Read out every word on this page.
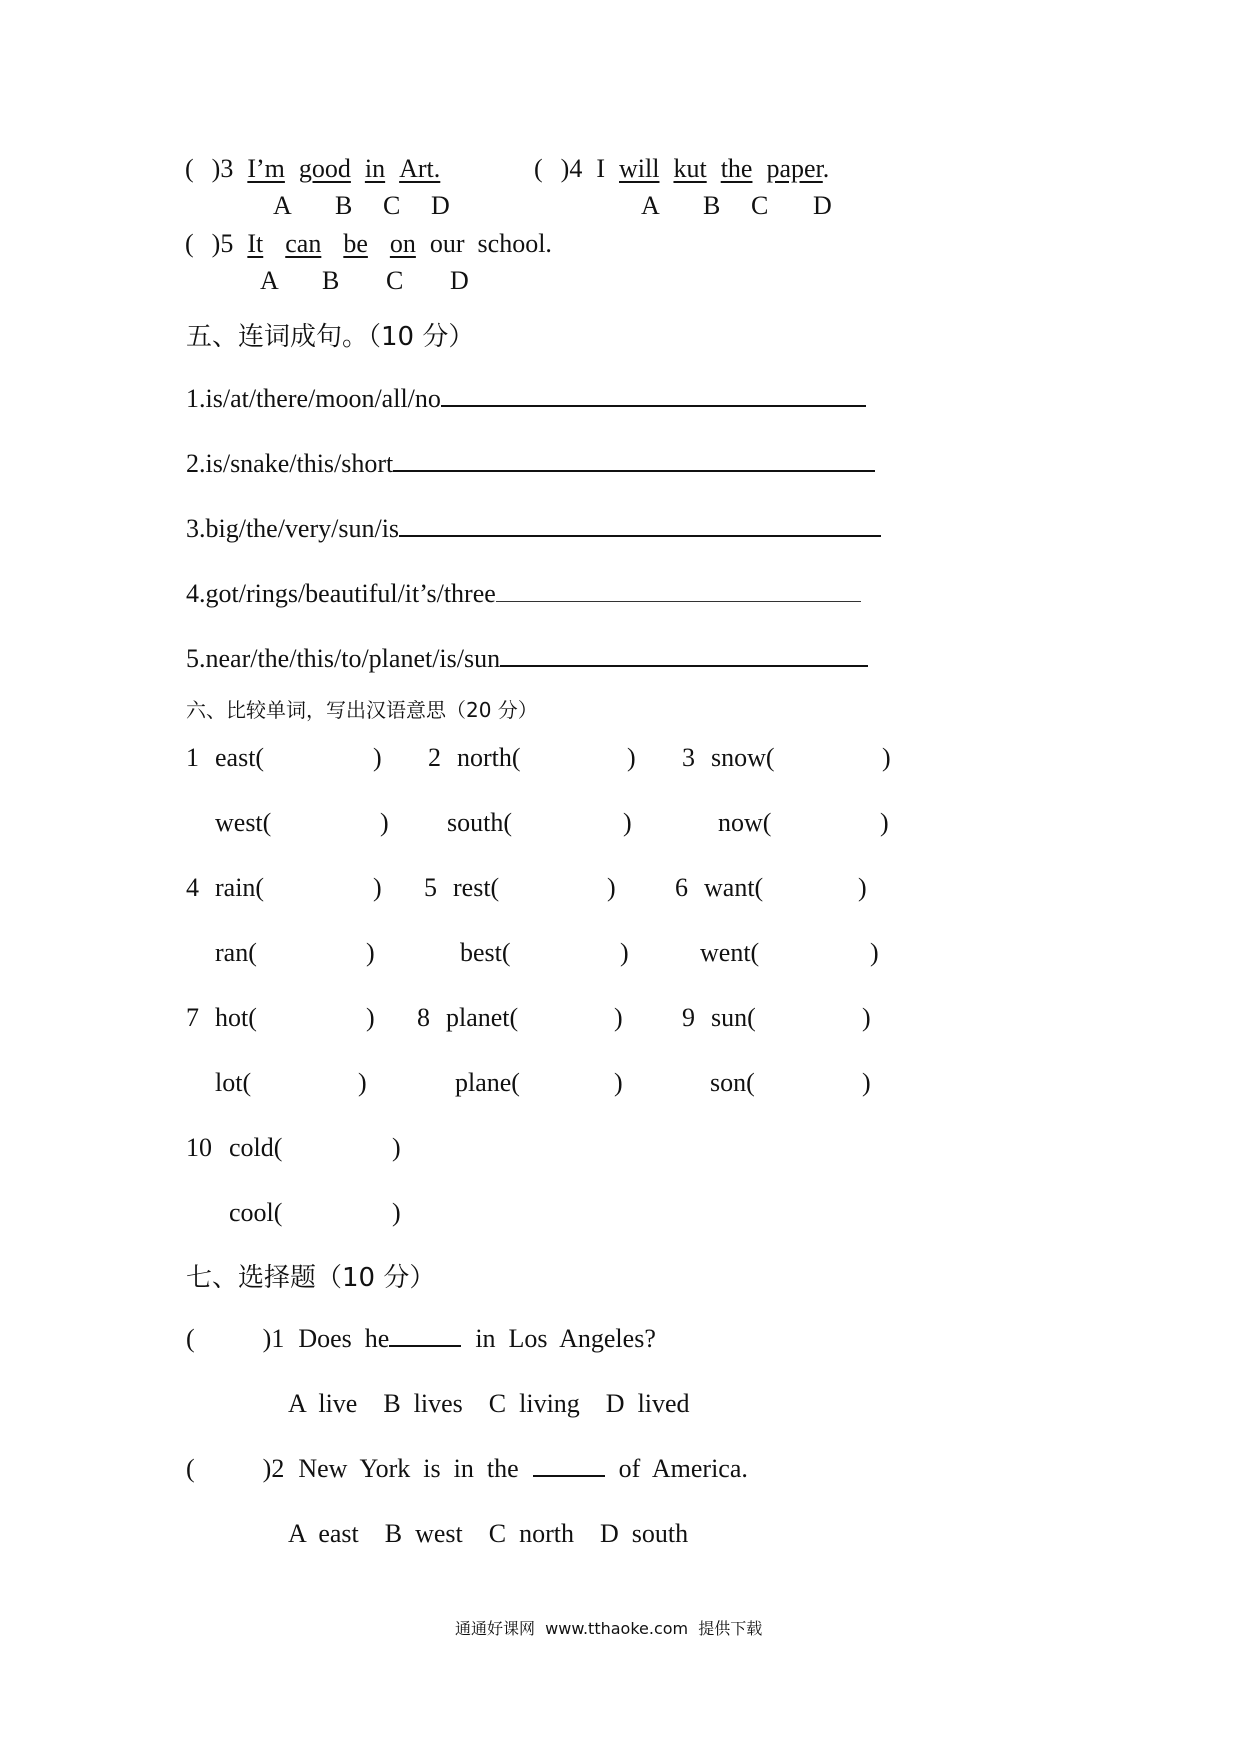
( )3 I’m good in Art.
A B C D
( )4 I will kut the paper.
A B C D
( )5 It can be on our  school.
A B C D
五、连词成句。（10 分）
1.is/at/there/moon/all/no
2.is/snake/this/short
3.big/the/very/sun/is
4.got/rings/beautiful/it’s/three
5.near/the/this/to/planet/is/sun
六、比较单词，写出汉语意思（20 分）
1 east(	) 2 north(	) 3 snow(	)
west(	) south(	)	now(	)
4 rain(	) 5 rest(	) 6 want(	)
ran(	)	best(	)	went(	)
7 hot(	) 8 planet(	) 9 sun(	)
lot(	)	plane(	)	son(	)
10 cold(	)
cool(	)
七、选择题（10 分）
(	)1 Does  he	in  Los  Angeles?
A  live    B  lives    C  living    D  lived
(	)2 New  York  is  in  the	of  America.
A  east    B  west    C  north    D  south
通通好课网  www.tthaoke.com  提供下载
